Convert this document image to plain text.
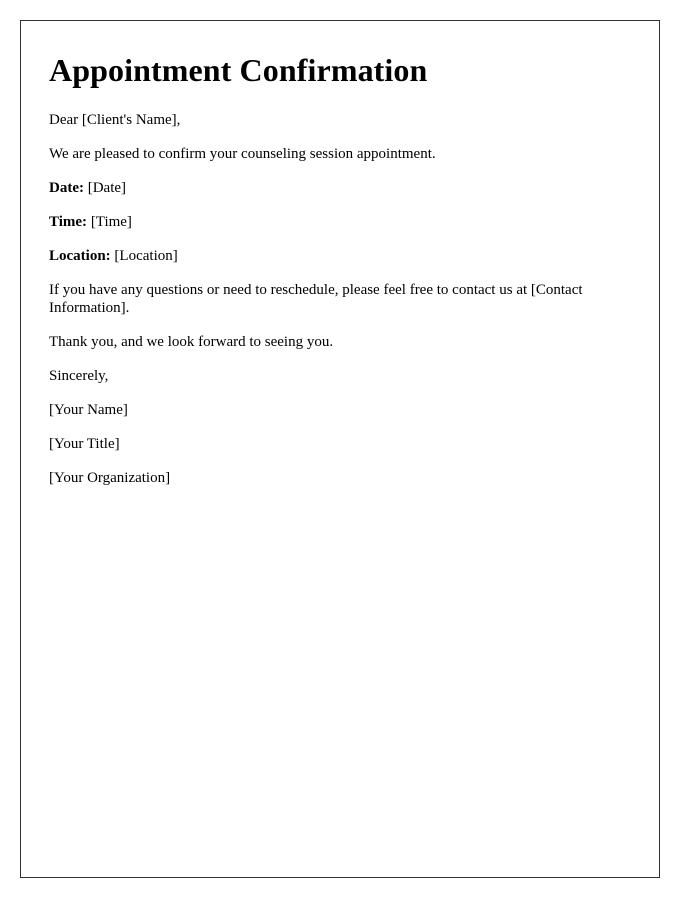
Appointment Confirmation

Dear [Client's Name],

We are pleased to confirm your counseling session appointment.

Date: [Date]

Time: [Time]

Location: [Location]

If you have any questions or need to reschedule, please feel free to contact us at [Contact Information].

Thank you, and we look forward to seeing you.

Sincerely,

[Your Name]

[Your Title]

[Your Organization]
